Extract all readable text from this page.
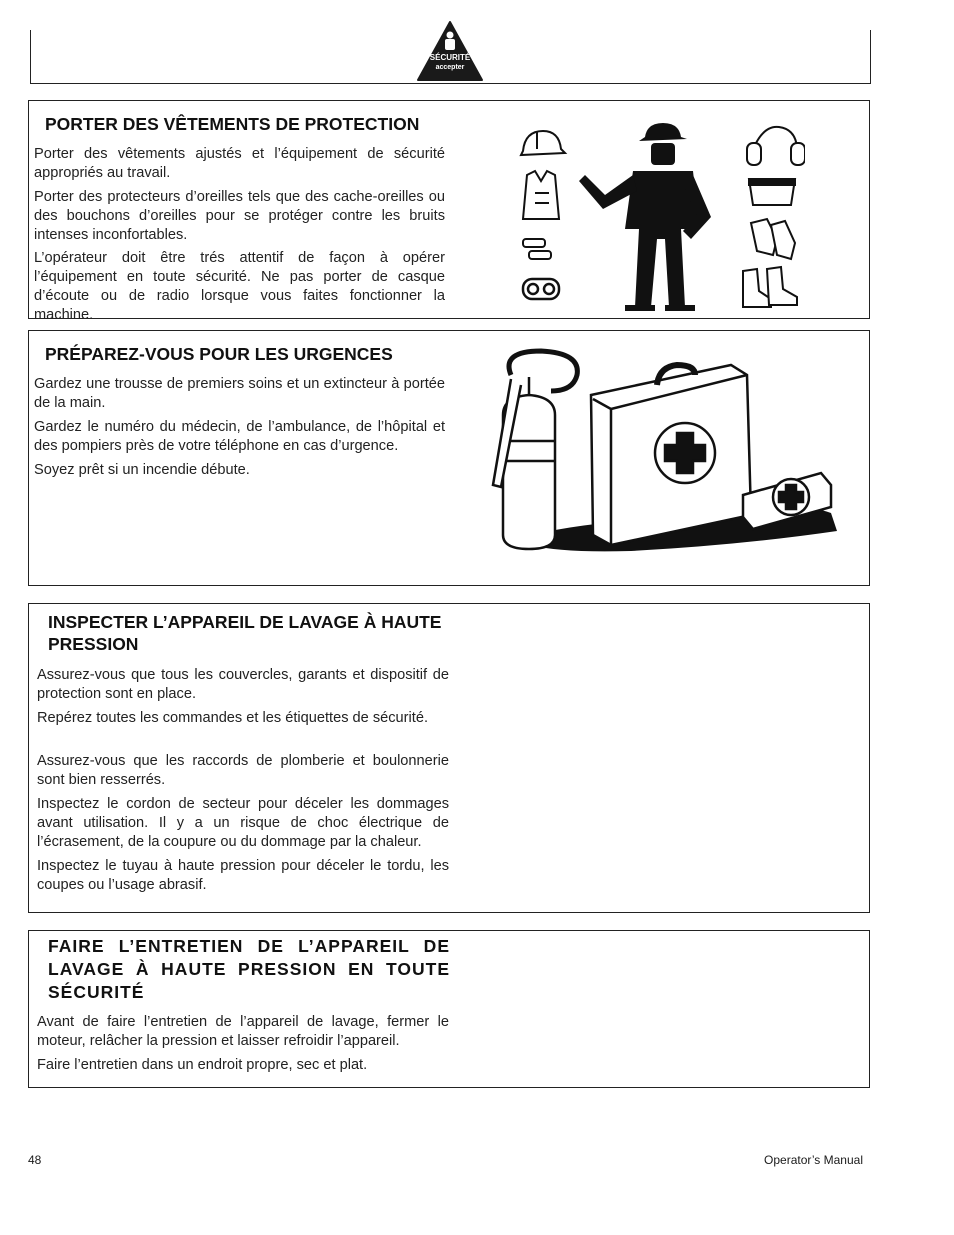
SÉCURITÉ
accepter
PORTER DES VÊTEMENTS DE PROTECTION

Porter des vêtements ajustés et l’équipement de sécurité appropriés au travail.

Porter des protecteurs d’oreilles tels que des cache-oreilles ou des bouchons d’oreilles pour se protéger contre les bruits intenses inconfortables.

L’opérateur doit être trés attentif de façon à opérer l’équipement en toute sécurité. Ne pas porter de casque d’écoute ou de radio lorsque vous faites fonctionner la machine.

PRÉPAREZ-VOUS POUR LES URGENCES

Gardez une trousse de premiers soins et un extincteur à portée de la main.

Gardez le numéro du médecin, de l’ambulance, de l’hôpital et des pompiers près de votre téléphone en cas d’urgence.

Soyez prêt si un incendie débute.

INSPECTER L’APPAREIL DE LAVAGE À HAUTE PRESSION

Assurez-vous que tous les couvercles, garants et dispositif de protection sont en place.

Repérez toutes les commandes et les étiquettes de sécurité.

Assurez-vous que les raccords de plomberie et boulonnerie sont bien resserrés.

Inspectez le cordon de secteur pour déceler les dommages avant utilisation. Il y a un risque de choc électrique de l’écrasement, de la coupure ou du dommage par la chaleur.

Inspectez le tuyau à haute pression pour déceler le tordu, les coupes ou l’usage abrasif.

FAIRE L’ENTRETIEN DE L’APPAREIL DE LAVAGE À HAUTE PRESSION EN TOUTE SÉCURITÉ

Avant de faire l’entretien de l’appareil de lavage, fermer le moteur, relâcher la pression et laisser refroidir l’appareil.

Faire l’entretien dans un endroit propre, sec et plat.

48	Operator’s Manual
